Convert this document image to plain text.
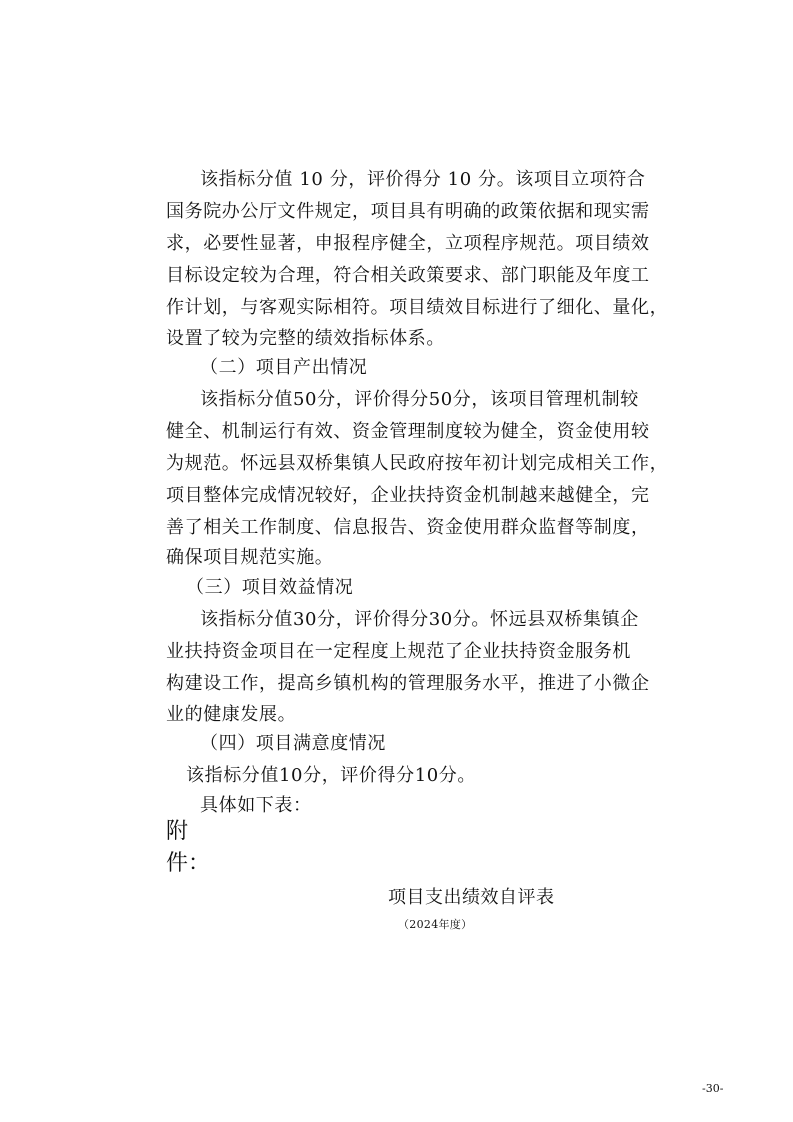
该指标分值 10 分，评价得分 10 分。该项目立项符合
国务院办公厅文件规定，项目具有明确的政策依据和现实需
求，必要性显著，申报程序健全，立项程序规范。项目绩效
目标设定较为合理，符合相关政策要求、部门职能及年度工
作计划，与客观实际相符。项目绩效目标进行了细化、量化，
设置了较为完整的绩效指标体系。
（二）项目产出情况
该指标分值50分，评价得分50分，该项目管理机制较
健全、机制运行有效、资金管理制度较为健全，资金使用较
为规范。怀远县双桥集镇人民政府按年初计划完成相关工作，
项目整体完成情况较好，企业扶持资金机制越来越健全，完
善了相关工作制度、信息报告、资金使用群众监督等制度，
确保项目规范实施。
（三）项目效益情况
该指标分值30分，评价得分30分。怀远县双桥集镇企
业扶持资金项目在一定程度上规范了企业扶持资金服务机
构建设工作，提高乡镇机构的管理服务水平，推进了小微企
业的健康发展。
（四）项目满意度情况
该指标分值10分，评价得分10分。
具体如下表：
附
件：
项目支出绩效自评表
（2024年度）
-30-
